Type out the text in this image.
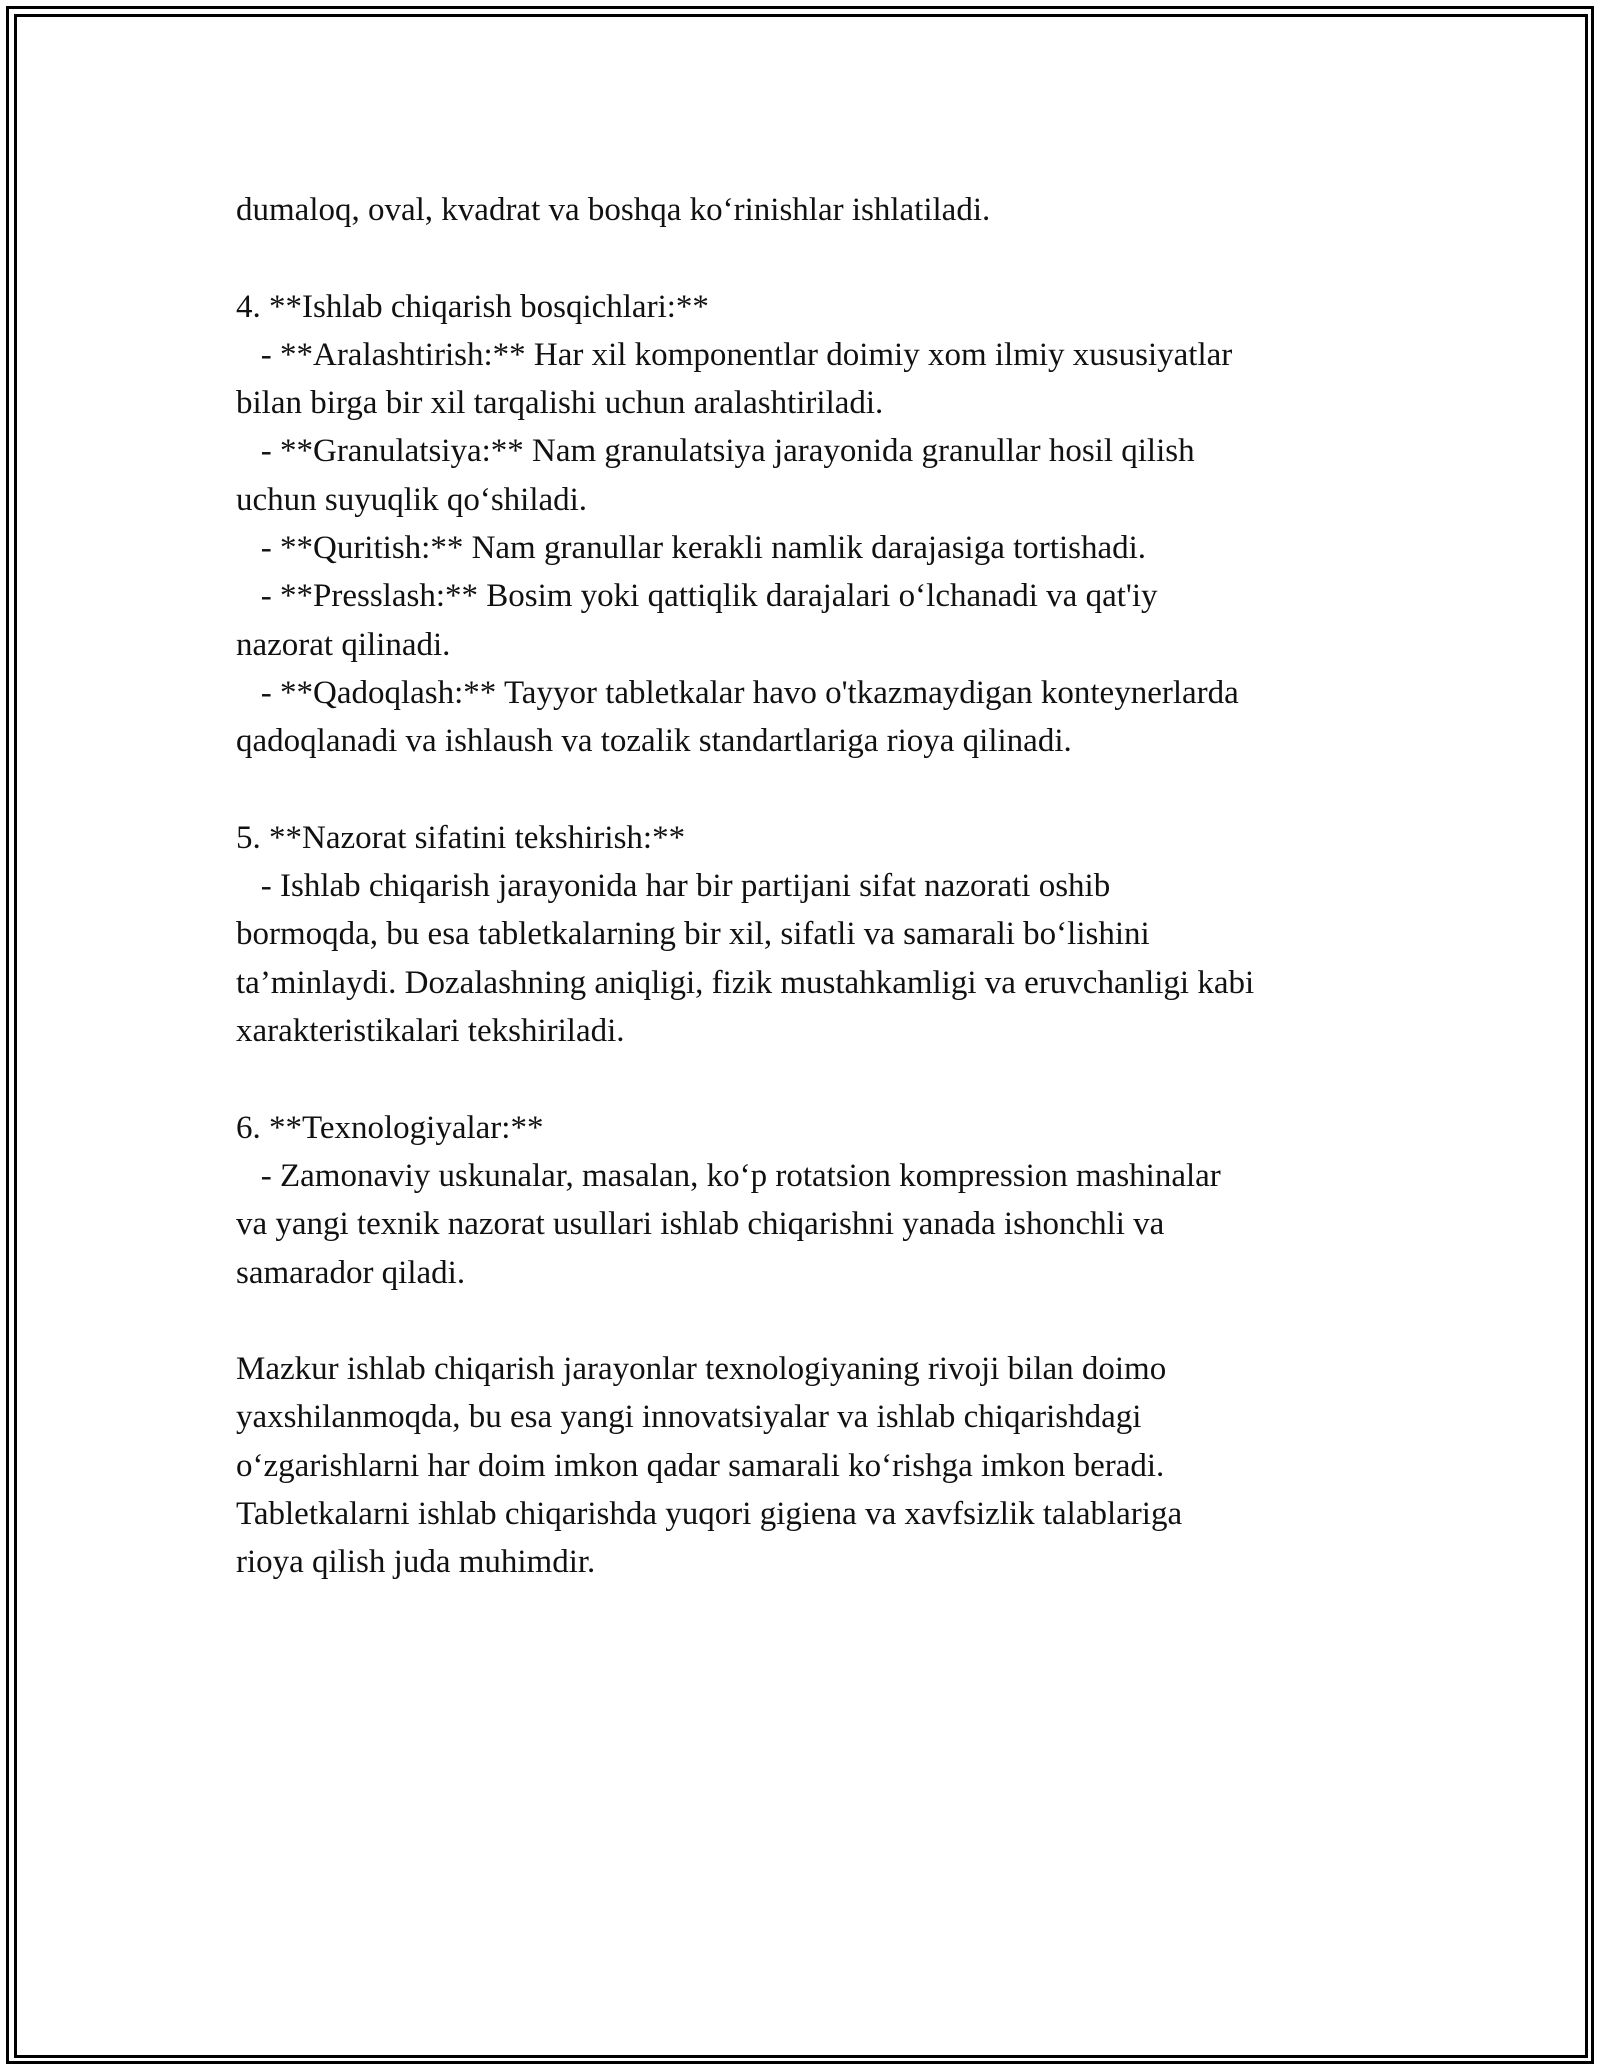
dumaloq, oval, kvadrat va boshqa ko‘rinishlar ishlatiladi.

4. **Ishlab chiqarish bosqichlari:**

- **Aralashtirish:** Har xil komponentlar doimiy xom ilmiy xususiyatlar

bilan birga bir xil tarqalishi uchun aralashtiriladi.

- **Granulatsiya:** Nam granulatsiya jarayonida granullar hosil qilish

uchun suyuqlik qo‘shiladi.

- **Quritish:** Nam granullar kerakli namlik darajasiga tortishadi.

- **Presslash:** Bosim yoki qattiqlik darajalari o‘lchanadi va qat'iy

nazorat qilinadi.

- **Qadoqlash:** Tayyor tabletkalar havo o'tkazmaydigan konteynerlarda

qadoqlanadi va ishlaush va tozalik standartlariga rioya qilinadi.

5. **Nazorat sifatini tekshirish:**

- Ishlab chiqarish jarayonida har bir partijani sifat nazorati oshib

bormoqda, bu esa tabletkalarning bir xil, sifatli va samarali bo‘lishini

ta’minlaydi. Dozalashning aniqligi, fizik mustahkamligi va eruvchanligi kabi

xarakteristikalari tekshiriladi.

6. **Texnologiyalar:**

- Zamonaviy uskunalar, masalan, ko‘p rotatsion kompression mashinalar

va yangi texnik nazorat usullari ishlab chiqarishni yanada ishonchli va

samarador qiladi.

Mazkur ishlab chiqarish jarayonlar texnologiyaning rivoji bilan doimo

yaxshilanmoqda, bu esa yangi innovatsiyalar va ishlab chiqarishdagi

o‘zgarishlarni har doim imkon qadar samarali ko‘rishga imkon beradi.

Tabletkalarni ishlab chiqarishda yuqori gigiena va xavfsizlik talablariga

rioya qilish juda muhimdir.
